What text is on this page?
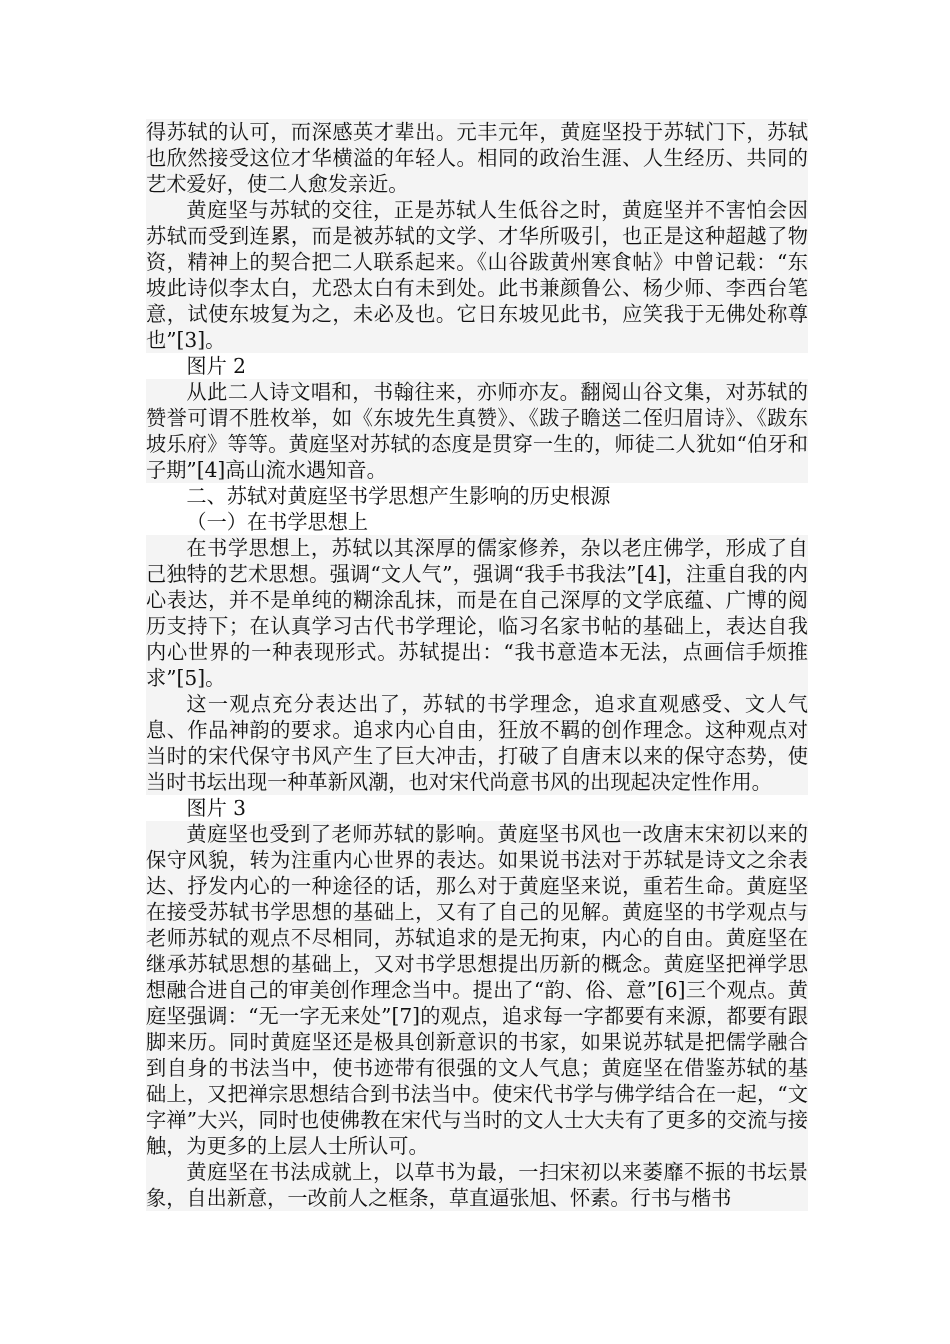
得苏轼的认可，而深感英才辈出。元丰元年，黄庭坚投于苏轼门下，苏轼也欣然接受这位才华横溢的年轻人。相同的政治生涯、人生经历、共同的艺术爱好，使二人愈发亲近。

黄庭坚与苏轼的交往，正是苏轼人生低谷之时，黄庭坚并不害怕会因苏轼而受到连累，而是被苏轼的文学、才华所吸引，也正是这种超越了物资，精神上的契合把二人联系起来。《山谷跋黄州寒食帖》中曾记载：“东坡此诗似李太白，尤恐太白有未到处。此书兼颜鲁公、杨少师、李西台笔意，试使东坡复为之，未必及也。它日东坡见此书，应笑我于无佛处称尊也”[3]。

图片 2

从此二人诗文唱和，书翰往来，亦师亦友。翻阅山谷文集，对苏轼的赞誉可谓不胜枚举，如《东坡先生真赞》、《跋子瞻送二侄归眉诗》、《跋东坡乐府》等等。黄庭坚对苏轼的态度是贯穿一生的，师徒二人犹如“伯牙和子期”[4]高山流水遇知音。

二、苏轼对黄庭坚书学思想产生影响的历史根源

（一）在书学思想上

在书学思想上，苏轼以其深厚的儒家修养，杂以老庄佛学，形成了自己独特的艺术思想。强调“文人气”，强调“我手书我法”[4]，注重自我的内心表达，并不是单纯的糊涂乱抹，而是在自己深厚的文学底蕴、广博的阅历支持下；在认真学习古代书学理论，临习名家书帖的基础上，表达自我内心世界的一种表现形式。苏轼提出：“我书意造本无法，点画信手烦推求”[5]。

这一观点充分表达出了，苏轼的书学理念，追求直观感受、文人气息、作品神韵的要求。追求内心自由，狂放不羁的创作理念。这种观点对当时的宋代保守书风产生了巨大冲击，打破了自唐末以来的保守态势，使当时书坛出现一种革新风潮，也对宋代尚意书风的出现起决定性作用。

图片 3

黄庭坚也受到了老师苏轼的影响。黄庭坚书风也一改唐末宋初以来的保守风貌，转为注重内心世界的表达。如果说书法对于苏轼是诗文之余表达、抒发内心的一种途径的话，那么对于黄庭坚来说，重若生命。黄庭坚在接受苏轼书学思想的基础上，又有了自己的见解。黄庭坚的书学观点与老师苏轼的观点不尽相同，苏轼追求的是无拘束，内心的自由。黄庭坚在继承苏轼思想的基础上，又对书学思想提出历新的概念。黄庭坚把禅学思想融合进自己的审美创作理念当中。提出了“韵、俗、意”[6]三个观点。黄庭坚强调：“无一字无来处”[7]的观点，追求每一字都要有来源，都要有跟脚来历。同时黄庭坚还是极具创新意识的书家，如果说苏轼是把儒学融合到自身的书法当中，使书迹带有很强的文人气息；黄庭坚在借鉴苏轼的基础上，又把禅宗思想结合到书法当中。使宋代书学与佛学结合在一起，“文字禅”大兴，同时也使佛教在宋代与当时的文人士大夫有了更多的交流与接触，为更多的上层人士所认可。

黄庭坚在书法成就上，以草书为最，一扫宋初以来萎靡不振的书坛景象，自出新意，一改前人之框条，草直逼张旭、怀素。行书与楷书
